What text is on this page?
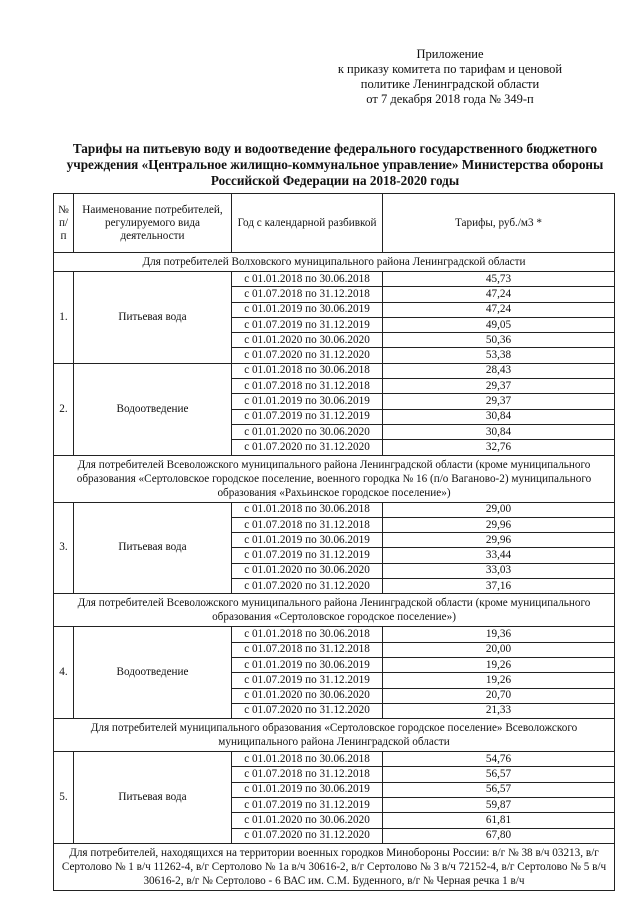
Приложение
к приказу комитета по тарифам и ценовой
политике Ленинградской области
от 7 декабря 2018 года № 349-п
Тарифы на питьевую воду и водоотведение федерального государственного бюджетного учреждения «Центральное жилищно-коммунальное управление» Министерства обороны Российской Федерации на 2018-2020 годы
№ п/п	Наименование потребителей, регулируемого вида деятельности	Год с календарной разбивкой	Тарифы, руб./м3 *
Для потребителей Волховского муниципального района Ленинградской области			
1.	Питьевая вода	с 01.01.2018 по 30.06.2018	45,73
		с 01.07.2018 по 31.12.2018	47,24
		с 01.01.2019 по 30.06.2019	47,24
		с 01.07.2019 по 31.12.2019	49,05
		с 01.01.2020 по 30.06.2020	50,36
		с 01.07.2020 по 31.12.2020	53,38
2.	Водоотведение	с 01.01.2018 по 30.06.2018	28,43
		с 01.07.2018 по 31.12.2018	29,37
		с 01.01.2019 по 30.06.2019	29,37
		с 01.07.2019 по 31.12.2019	30,84
		с 01.01.2020 по 30.06.2020	30,84
		с 01.07.2020 по 31.12.2020	32,76
Для потребителей Всеволожского муниципального района Ленинградской области (кроме муниципального образования «Сертоловское городское поселение, военного городка № 16 (п/о Ваганово-2) муниципального образования «Рахьинское городское поселение»)			
3.	Питьевая вода	с 01.01.2018 по 30.06.2018	29,00
		с 01.07.2018 по 31.12.2018	29,96
		с 01.01.2019 по 30.06.2019	29,96
		с 01.07.2019 по 31.12.2019	33,44
		с 01.01.2020 по 30.06.2020	33,03
		с 01.07.2020 по 31.12.2020	37,16
Для потребителей Всеволожского муниципального района Ленинградской области (кроме муниципального образования «Сертоловское городское поселение»)			
4.	Водоотведение	с 01.01.2018 по 30.06.2018	19,36
		с 01.07.2018 по 31.12.2018	20,00
		с 01.01.2019 по 30.06.2019	19,26
		с 01.07.2019 по 31.12.2019	19,26
		с 01.01.2020 по 30.06.2020	20,70
		с 01.07.2020 по 31.12.2020	21,33
Для потребителей муниципального образования «Сертоловское городское поселение» Всеволожского муниципального района Ленинградской области			
5.	Питьевая вода	с 01.01.2018 по 30.06.2018	54,76
		с 01.07.2018 по 31.12.2018	56,57
		с 01.01.2019 по 30.06.2019	56,57
		с 01.07.2019 по 31.12.2019	59,87
		с 01.01.2020 по 30.06.2020	61,81
		с 01.07.2020 по 31.12.2020	67,80
Для потребителей, находящихся на территории военных городков Минобороны России: в/г № 38 в/ч 03213, в/г Сертолово № 1 в/ч 11262-4, в/г Сертолово № 1а в/ч 30616-2, в/г Сертолово № 3 в/ч 72152-4, в/г Сертолово № 5 в/ч 30616-2, в/г № Сертолово - 6 ВАС им. С.М. Буденного, в/г № Черная речка 1 в/ч			
